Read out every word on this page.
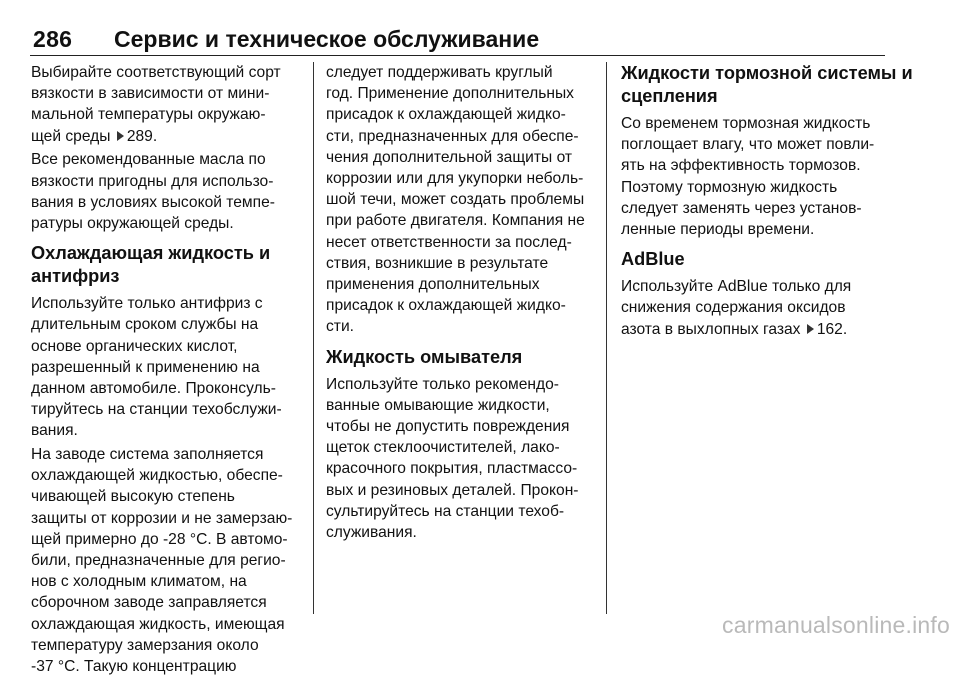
286 Сервис и техническое обслуживание
Выбирайте соответствующий сорт
вязкости в зависимости от мини‐
мальной температуры окружаю‐
щей среды 289.
Все рекомендованные масла по
вязкости пригодны для использо‐
вания в условиях высокой темпе‐
ратуры окружающей среды.
Охлаждающая жидкость и
антифриз
Используйте только антифриз с
длительным сроком службы на
основе органических кислот,
разрешенный к применению на
данном автомобиле. Проконсуль‐
тируйтесь на станции техобслужи‐
вания.
На заводе система заполняется
охлаждающей жидкостью, обеспе‐
чивающей высокую степень
защиты от коррозии и не замерзаю‐
щей примерно до -28 °C. В автомо‐
били, предназначенные для регио‐
нов с холодным климатом, на
сборочном заводе заправляется
охлаждающая жидкость, имеющая
температуру замерзания около
-37 °C. Такую концентрацию
следует поддерживать круглый
год. Применение дополнительных
присадок к охлаждающей жидко‐
сти, предназначенных для обеспе‐
чения дополнительной защиты от
коррозии или для укупорки неболь‐
шой течи, может создать проблемы
при работе двигателя. Компания не
несет ответственности за послед‐
ствия, возникшие в результате
применения дополнительных
присадок к охлаждающей жидко‐
сти.
Жидкость омывателя
Используйте только рекомендо‐
ванные омывающие жидкости,
чтобы не допустить повреждения
щеток стеклоочистителей, лако‐
красочного покрытия, пластмассо‐
вых и резиновых деталей. Прокон‐
сультируйтесь на станции техоб‐
служивания.
Жидкости тормозной системы и
сцепления
Со временем тормозная жидкость
поглощает влагу, что может повли‐
ять на эффективность тормозов.
Поэтому тормозную жидкость
следует заменять через установ‐
ленные периоды времени.
AdBlue
Используйте AdBlue только для
снижения содержания оксидов
азота в выхлопных газах 162.
carmanualsonline.info
